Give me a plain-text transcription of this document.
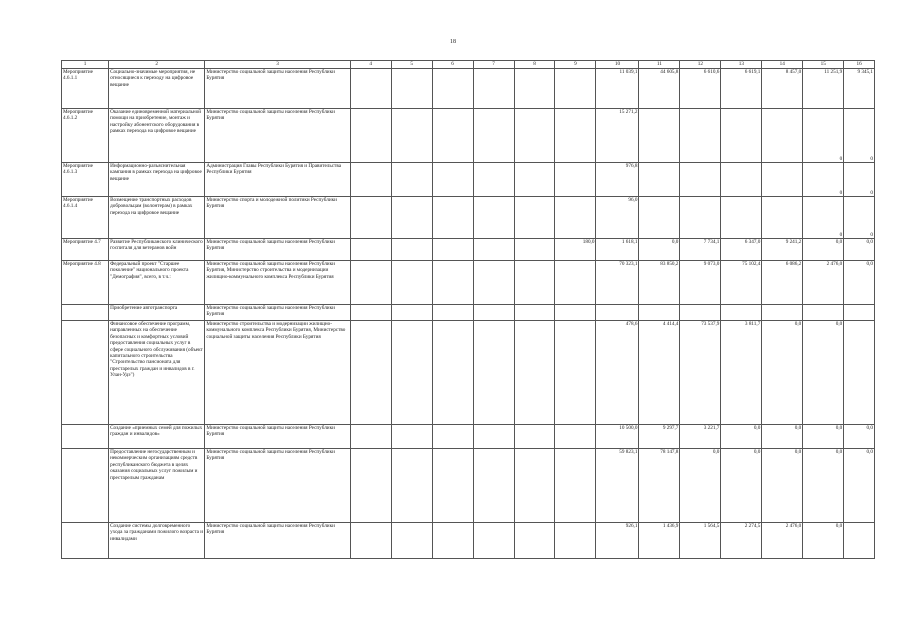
18
1	2	3	4	5	6	7	8	9	10	11	12	13	14	15	16
Мероприятие 4.6.1.1	Социально-значимые мероприятия, не относящиеся к переходу на цифровое вещание	Министерство социальной защиты населения Республики Бурятия							11 039,1	44 605,8	6 610,6	6 619,1	8 457,0	11 251,9	9 345,1
Мероприятие 4.6.1.2	Оказание единовременной материальной помощи на приобретение, монтаж и настройку абонентского оборудования в рамках перехода на цифровое вещание	Министерство социальной защиты населения Республики Бурятия							15 271,2					0	0
Мероприятие 4.6.1.3	Информационно-разъяснительная кампания в рамках перехода на цифровое вещание	Администрация Главы Республики Бурятия и Правительства Республики Бурятия							976,8					0	0
Мероприятие 4.6.1.4	Возмещение транспортных расходов добровольцам (волонтерам) в рамках перехода на цифровое вещание	Министерство спорта и молодежной политики Республики Бурятия							96,0					0	0
Мероприятие 4.7	Развитие Республиканского клинического госпиталя для ветеранов войн	Министерство социальной защиты населения Республики Бурятия						180,0	1 618,1	0,0	7 734,1	6 347,0	9 241,2	0,0	0,0
Мероприятие 4.8	Федеральный проект "Старшее поколение" национального проекта "Демография", всего, в т.ч.:	Министерство социальной защиты населения Республики Бурятия, Министерство строительства и модернизации жилищно-коммунального комплекса Республики Бурятия							70 323,1	83 850,2	9 073,0	75 102,4	6 086,2	2 476,0	0,0
	Приобретение автотранспорта	Министерство социальной защиты населения Республики Бурятия													
	Финансовое обеспечение программ, направленных на обеспечение безопасных и комфортных условий предоставления социальных услуг в сфере социального обслуживания (объект капитального строительства "Строительство пансионата для престарелых граждан и инвалидов в г. Улан-Удэ")	Министерство строительства и модернизации жилищно-коммунального комплекса Республики Бурятия, Министерство социальной защиты населения Республики Бурятия							478,6	4 414,4	73 537,9	3 811,7	0,0	0,0	
	Создание «приемных семей для пожилых граждан и инвалидов»	Министерство социальной защиты населения Республики Бурятия							10 500,0	9 297,7	3 221,7	0,0	0,0	0,0	0,0
	Предоставление негосударственным и некоммерческим организациям средств республиканского бюджета в целях оказания социальных услуг пожилым и престарелым гражданам	Министерство социальной защиты населения Республики Бурятия							59 823,1	78 147,8	0,0	0,0	0,0	0,0	0,0
	Создание системы долговременного ухода за гражданами пожилого возраста и инвалидами	Министерство социальной защиты населения Республики Бурятия							926,1	1 436,9	1 564,5	2 274,5	2 476,0	0,0	
